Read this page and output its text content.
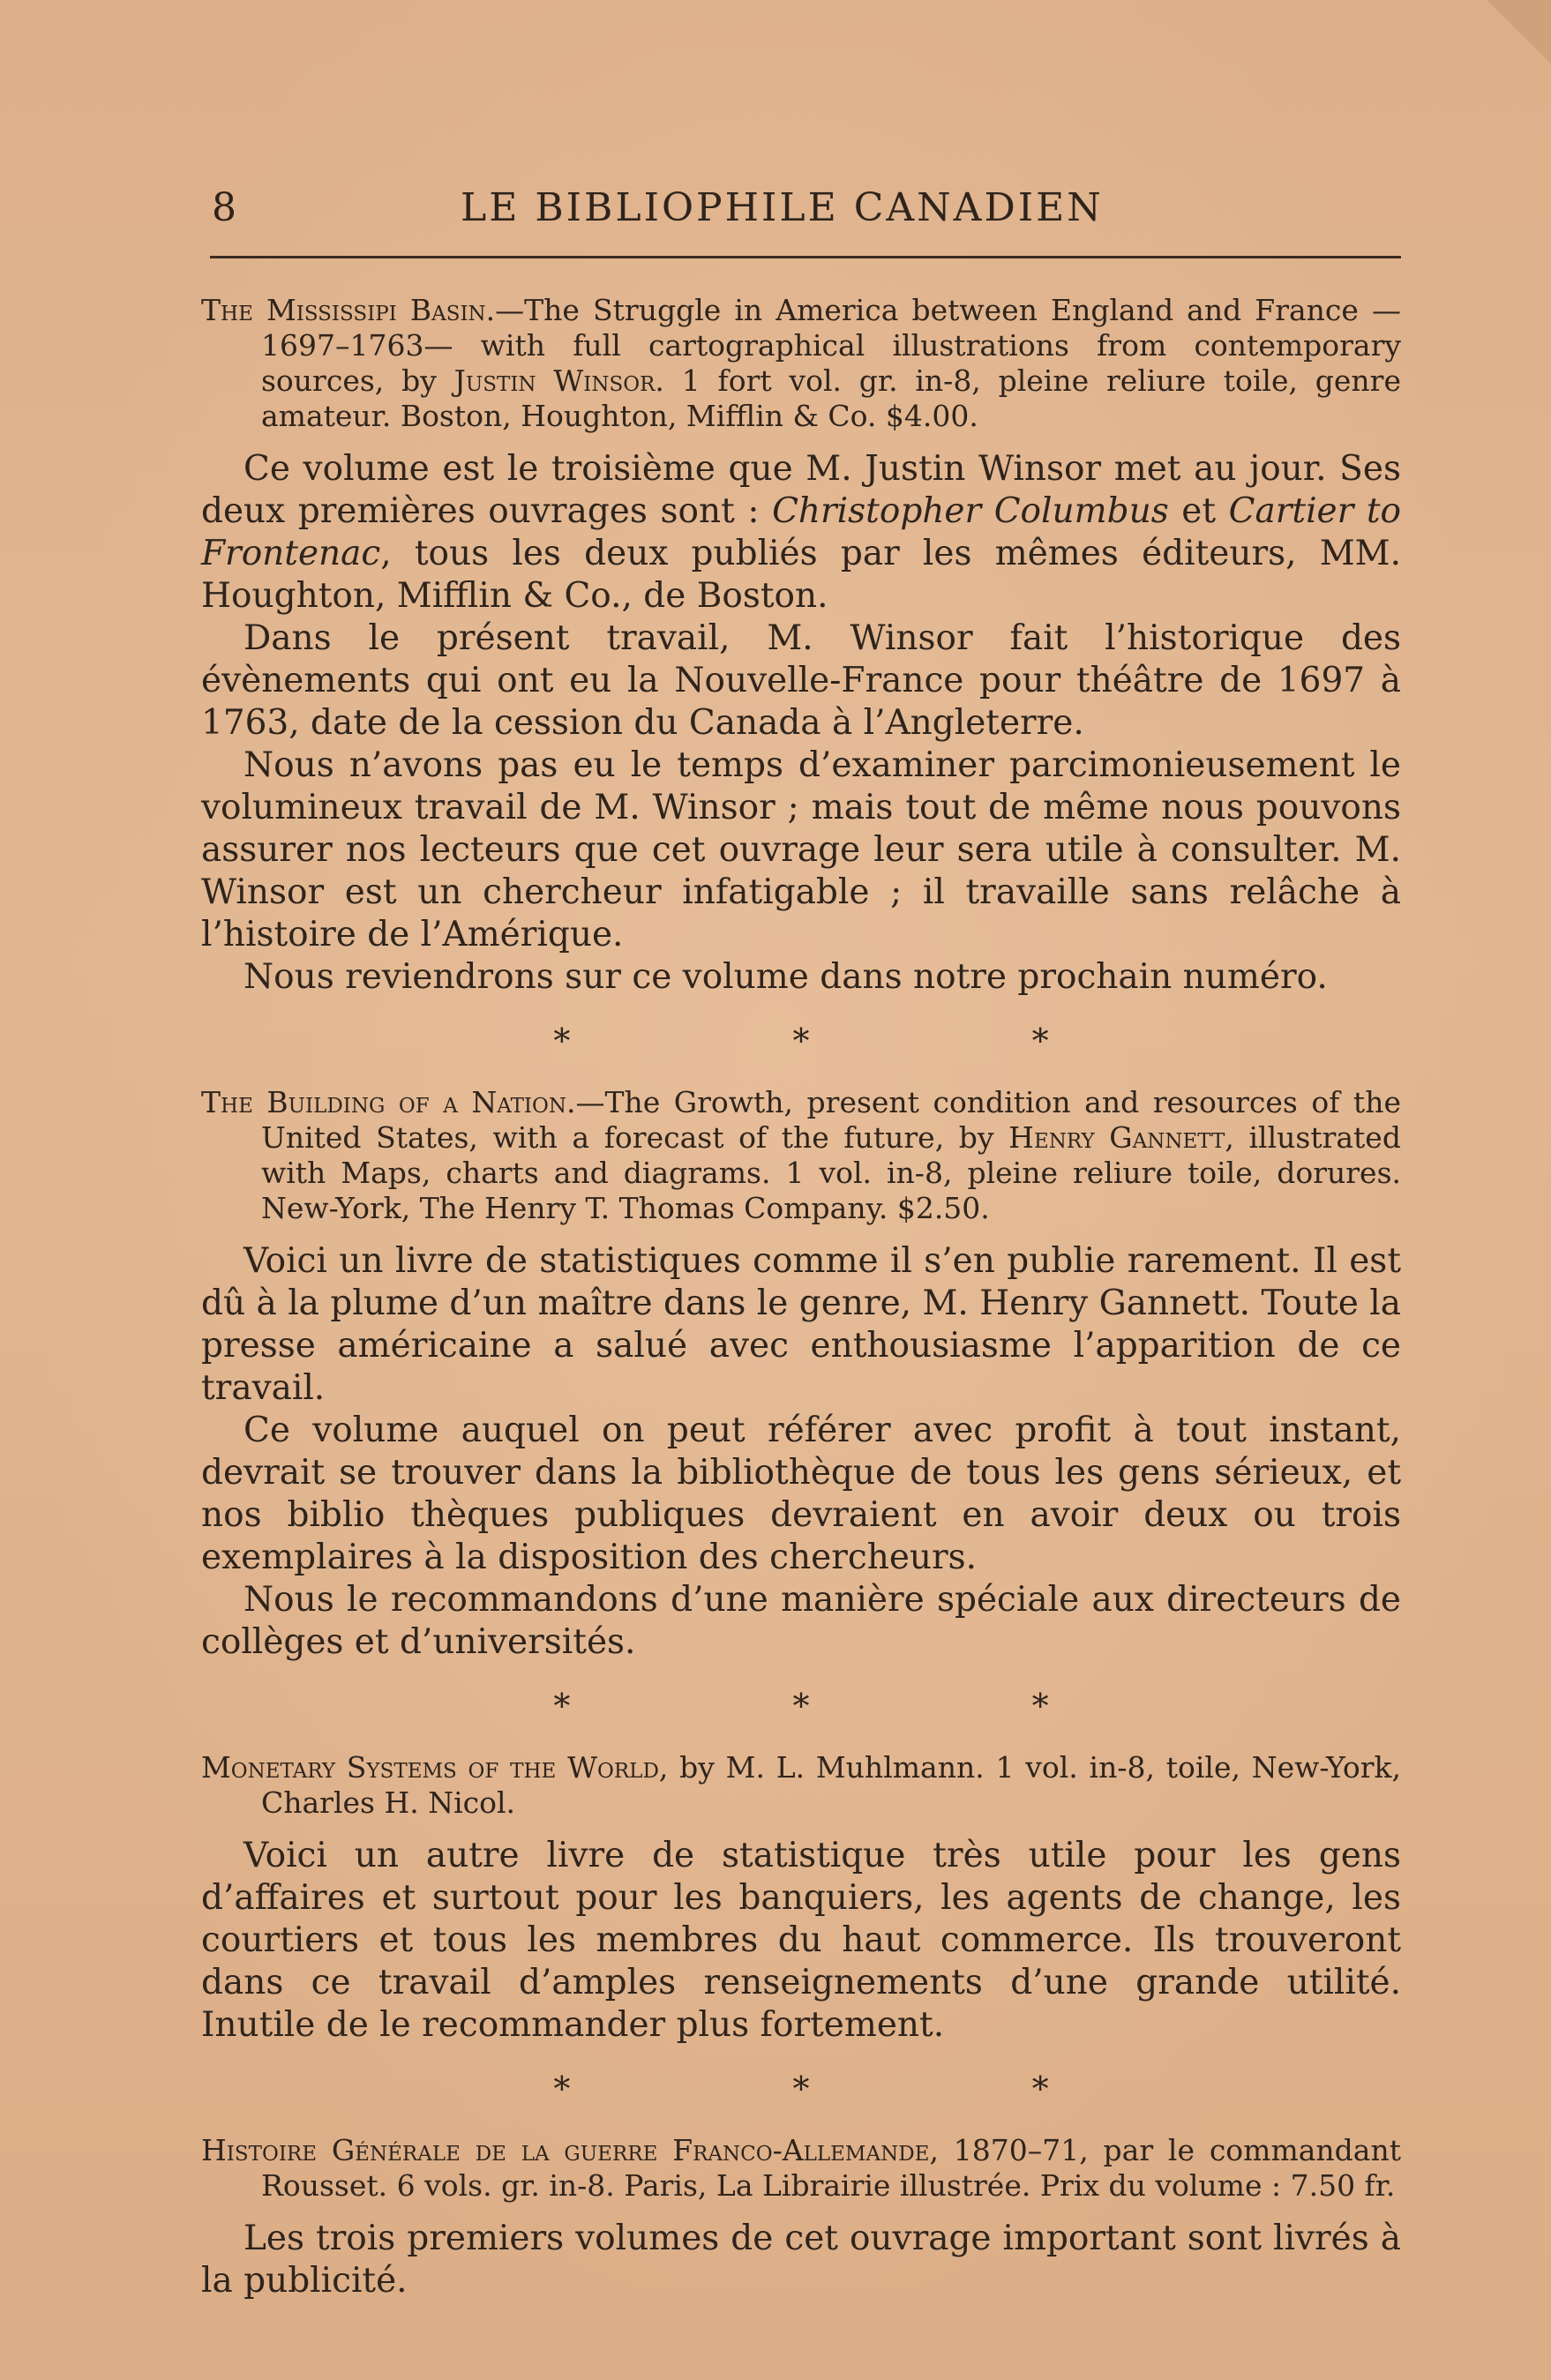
8	LE BIBLIOPHILE CANADIEN

The Mississipi Basin.—The Struggle in America between England and France —1697–1763— with full cartographical illustrations from contemporary sources, by Justin Winsor. 1 fort vol. gr. in-8, pleine reliure toile, genre amateur. Boston, Houghton, Mifflin & Co. $4.00.

Ce volume est le troisième que M. Justin Winsor met au jour. Ses deux premières ouvrages sont : Christopher Columbus et Cartier to Frontenac, tous les deux publiés par les mêmes éditeurs, MM. Houghton, Mifflin & Co., de Boston.

Dans le présent travail, M. Winsor fait l’historique des évènements qui ont eu la Nouvelle-France pour théâtre de 1697 à 1763, date de la cession du Canada à l’Angleterre.

Nous n’avons pas eu le temps d’examiner parcimonieusement le volumineux travail de M. Winsor ; mais tout de même nous pouvons assurer nos lecteurs que cet ouvrage leur sera utile à consulter. M. Winsor est un chercheur infatigable ; il travaille sans relâche à l’histoire de l’Amérique.

Nous reviendrons sur ce volume dans notre prochain numéro.

* * *

The Building of a Nation.—The Growth, present condition and resources of the United States, with a forecast of the future, by Henry Gannett, illustrated with Maps, charts and diagrams. 1 vol. in-8, pleine reliure toile, dorures. New-York, The Henry T. Thomas Company. $2.50.

Voici un livre de statistiques comme il s’en publie rarement. Il est dû à la plume d’un maître dans le genre, M. Henry Gannett. Toute la presse américaine a salué avec enthousiasme l’apparition de ce travail.

Ce volume auquel on peut référer avec profit à tout instant, devrait se trouver dans la bibliothèque de tous les gens sérieux, et nos biblio thèques publiques devraient en avoir deux ou trois exemplaires à la disposition des chercheurs.

Nous le recommandons d’une manière spéciale aux directeurs de collèges et d’universités.

* * *

Monetary Systems of the World, by M. L. Muhlmann. 1 vol. in-8, toile, New-York, Charles H. Nicol.

Voici un autre livre de statistique très utile pour les gens d’affaires et surtout pour les banquiers, les agents de change, les courtiers et tous les membres du haut commerce. Ils trouveront dans ce travail d’amples renseignements d’une grande utilité. Inutile de le recommander plus fortement.

* * *

Histoire Générale de la guerre Franco-Allemande, 1870–71, par le commandant Rousset. 6 vols. gr. in-8. Paris, La Librairie illustrée. Prix du volume : 7.50 fr.

Les trois premiers volumes de cet ouvrage important sont livrés à la publicité.
